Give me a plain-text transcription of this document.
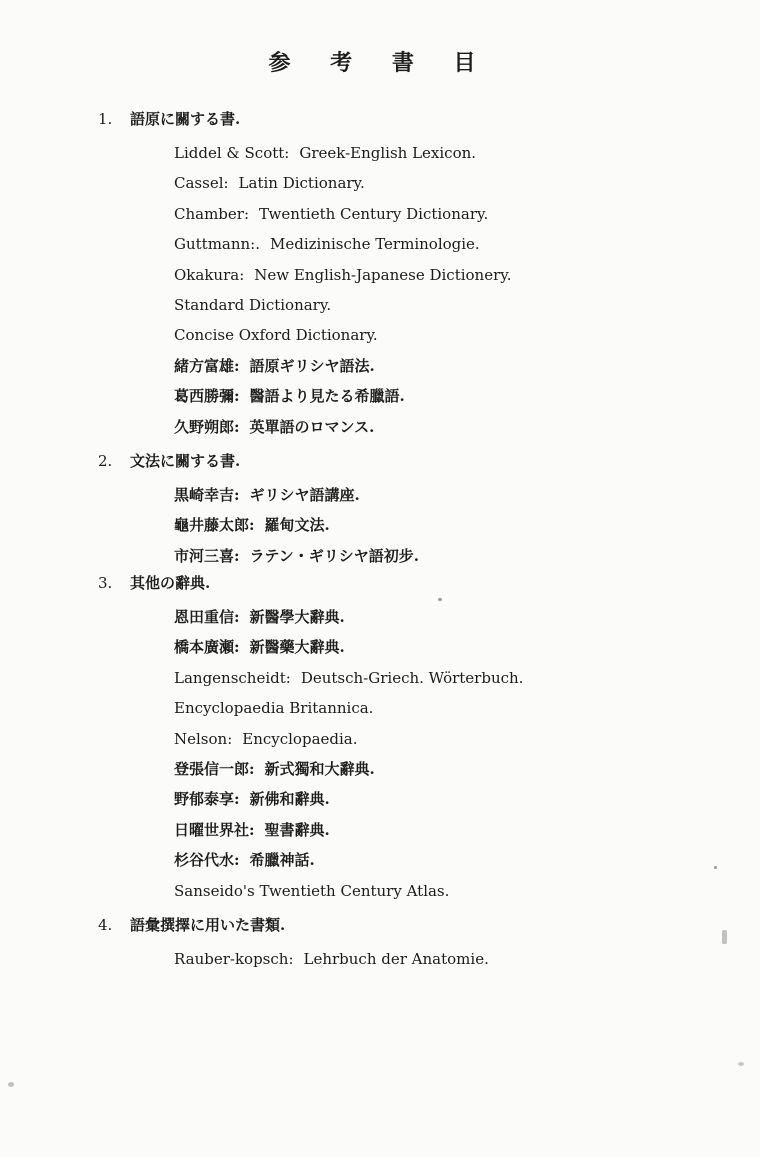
参 考 書 目
1.	語原に關する書.
Liddel & Scott: Greek-English Lexicon.
Cassel: Latin Dictionary.
Chamber: Twentieth Century Dictionary.
Guttmann:. Medizinische Terminologie.
Okakura: New English-Japanese Dictionery.
Standard Dictionary.
Concise Oxford Dictionary.
緒方富雄: 語原ギリシヤ語法.
葛西勝彌: 醫語より見たる希臘語.
久野朔郎: 英單語のロマンス.
2.	文法に關する書.
黒崎幸吉: ギリシヤ語講座.
龜井藤太郎: 羅甸文法.
市河三喜: ラテン・ギリシヤ語初步.
3.	其他の辭典.
恩田重信: 新醫學大辭典.
橋本廣瀬: 新醫藥大辭典.
Langenscheidt: Deutsch-Griech. Wörterbuch.
Encyclopaedia Britannica.
Nelson: Encyclopaedia.
登張信一郎: 新式獨和大辭典.
野郁泰享: 新佛和辭典.
日曜世界社: 聖書辭典.
杉谷代水: 希臘神話.
Sanseido's Twentieth Century Atlas.
4.	語彙撰擇に用いた書類.
Rauber-kopsch: Lehrbuch der Anatomie.
